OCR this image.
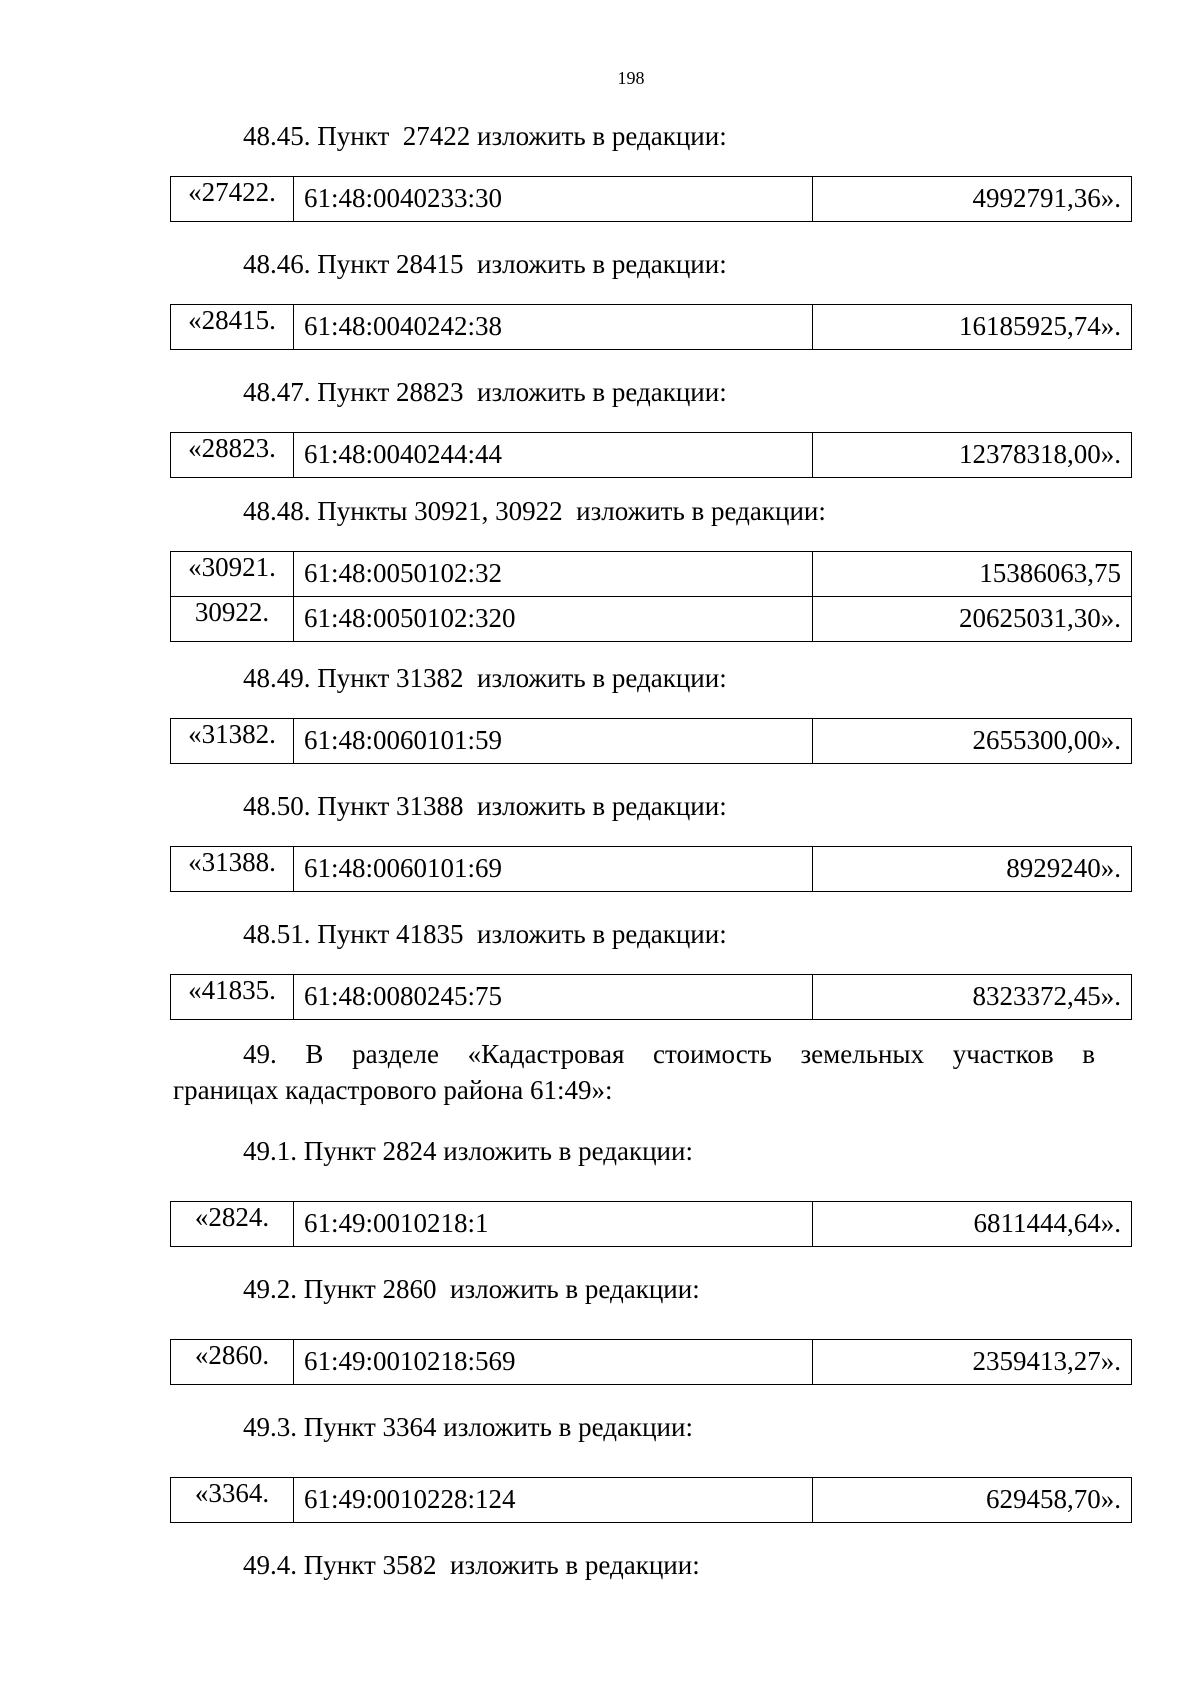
198
48.45. Пункт  27422 изложить в редакции:
«27422.	61:48:0040233:30	4992791,36».
48.46. Пункт 28415  изложить в редакции:
«28415.	61:48:0040242:38	16185925,74».
48.47. Пункт 28823  изложить в редакции:
«28823.	61:48:0040244:44	12378318,00».
48.48. Пункты 30921, 30922  изложить в редакции:
«30921.	61:48:0050102:32	15386063,75
30922.	61:48:0050102:320	20625031,30».
48.49. Пункт 31382  изложить в редакции:
«31382.	61:48:0060101:59	2655300,00».
48.50. Пункт 31388  изложить в редакции:
«31388.	61:48:0060101:69	8929240».
48.51. Пункт 41835  изложить в редакции:
«41835.	61:48:0080245:75	8323372,45».
49. В разделе «Кадастровая стоимость земельных участков в
границах кадастрового района 61:49»:
49.1. Пункт 2824 изложить в редакции:
«2824.	61:49:0010218:1	6811444,64».
49.2. Пункт 2860  изложить в редакции:
«2860.	61:49:0010218:569	2359413,27».
49.3. Пункт 3364 изложить в редакции:
«3364.	61:49:0010228:124	629458,70».
49.4. Пункт 3582  изложить в редакции:
